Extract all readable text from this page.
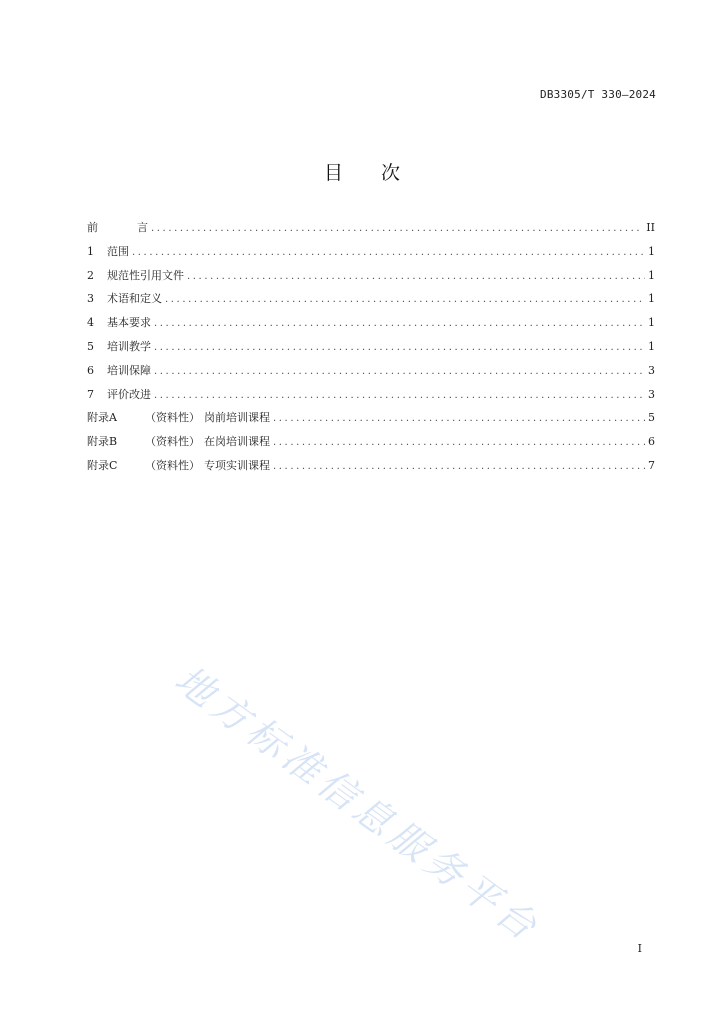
DB3305/T 330—2024
目 次
前	言 .....	II
1	范围 .....	1
2	规范性引用文件 .....	1
3	术语和定义 .....	1
4	基本要求 .....	1
5	培训教学 .....	1
6	培训保障 .....	3
7	评价改进 .....	3
附录A	（资料性） 岗前培训课程 .....	5
附录B	（资料性） 在岗培训课程 .....	6
附录C	（资料性） 专项实训课程 .....	7
地方标准信息服务平台	I
